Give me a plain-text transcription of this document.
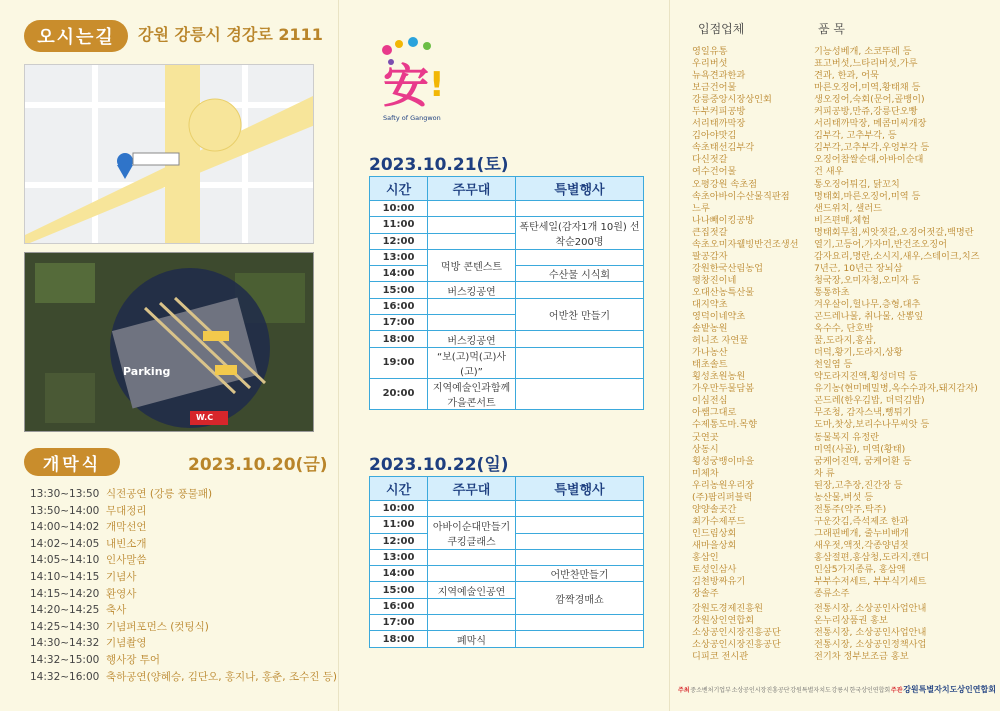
오시는길	강원 강릉시 경강로 2111
Parking
W.C
개막식	2023.10.20(금)
13:30~13:50 식전공연 (강릉 풍물패)
13:50~14:00 무대정리
14:00~14:02 개막선언
14:02~14:05 내빈소개
14:05~14:10 인사말씀
14:10~14:15 기념사
14:15~14:20 환영사
14:20~14:25 축사
14:25~14:30 기념퍼포먼스 (컷팅식)
14:30~14:32 기념촬영
14:32~15:00 행사장 투어
14:32~16:00 축하공연(양혜승, 김단오, 홍지나, 홍춘, 조수진 등)
安 !
Safty of Gangwon
2023.10.21(토)
시간	주무대	특별행사
10:00		
11:00		폭탄세일(감자1개 10원) 선착순200명
12:00		
13:00	먹방 콘텐스트	
14:00		수산물 시식회
15:00	버스킹공연	
16:00		어반찬 만들기
17:00		
18:00	버스킹공연	
19:00	“보(고)먹(고)사(고)”	
20:00	지역예술인과함께 가을콘서트	
2023.10.22(일)
시간	주무대	특별행사
10:00		
11:00	아바이순대만들기 쿠킹클래스	
12:00		
13:00		
14:00		어반찬만들기
15:00	지역예술인공연	깜짝경매쇼
16:00		
17:00		
18:00	폐막식	
입점업체	품 목
영일유통	기능성베개, 소코뚜레 등
우리버섯	표고버섯,느타리버섯,가루
뉴욕견과한과	견과, 한과, 어묵
보금건어물	마른오징어,미역,황태채 등
강릉중앙시장상인회	생오징어,숙회(문어,골뱅이)
두부커피공방	커피공방,만쥬,강릉단오빵
서리태까막장	서리태까막장, 메콤미씨개장
김아야맛김	김부각, 고추부각, 등
속초태선김부각	김부각,고추부각,우엉부각 등
다신젓갈	오징어참쌀순대,아바이순대
여수건어물	건 새우
오평강원 속초점	통오징어튀김, 닭꼬치
속초아바이수산물직판점	명태회,마른오징어,미역 등
느루	샌드위치, 샐러드
나나빼이킹공방	비즈편매,체험
큰집젓갈	명태회무침,씨앗젓갈,오징어젓갈,백명란
속초오미자웰빙반건조생선	열기,고등어,가자미,반건조오징어
팔공감자	감자요리,명란,소시지,새우,스테이크,치즈
강원한국산림농업	7년근, 10년근 장뇌삼
평창진이네	청국장,오미자청,오미자 등
오대산농특산물	통통하초
대지약초	겨우살이,헐나무,층형,대추
영덕이네약초	곤드레나물, 취나물, 산뽕잎
솔밭농원	옥수수, 단호박
허니조 자연꿀	꿀,도라지,홍삼,
가나농산	더덕,황기,도라지,상황
태초솔트	천일염 등
횡성초원농원	약도라지진액,횡성더덕 등
가우만두물담봄	유기농(현미메밀병,옥수수과자,돼지감자)
이심전심	곤드레(한우김밥, 더덕김밥)
아쌤그대로	무조청, 감자스낵,뻥튀기
수제통도마.목향	도마,찻상,보리수나무씨앗 등
굿연곳	동물복지 유정란
상동시	미역(사골), 미역(황태)
횡성궁뱅이마을	굼케어진액, 굼케어환 등
미체차	차 류
우리농원우리장	된장,고추장,진간장 등
(주)팜리퍼블릭	농산물,버섯 등
양양솔곳간	전통주(약주,탁주)
최가수제푸드	구운갓김,즉석제조 한과
인드림상회	그래핀베개, 줄누비배개
새마을상회	새우젓,액젓,각종양념젓
홍삼인	홍삼절편,홍삼청,도라지,캔디
토성인삼사	인삼5가지종류, 홍삼액
김천방짜유기	부부수저세트, 부부식기세트
장솔주	종류소주
강원도경제진흥원	전통시장, 소상공인사업안내
강원상인연합회	온누리상품권 홍보
소상공인시장진흥공단	전통시장, 소상공인사업안내
소상공인시장진흥공단	전통시장, 소상공인정책사업
디피코 전시관	전기차 정부보조금 홍보
주최 중소벤처기업부 소상공인시장진흥공단 강원특별자치도 강릉시 한국상인연합회 주관 강원특별자치도상인연합회
